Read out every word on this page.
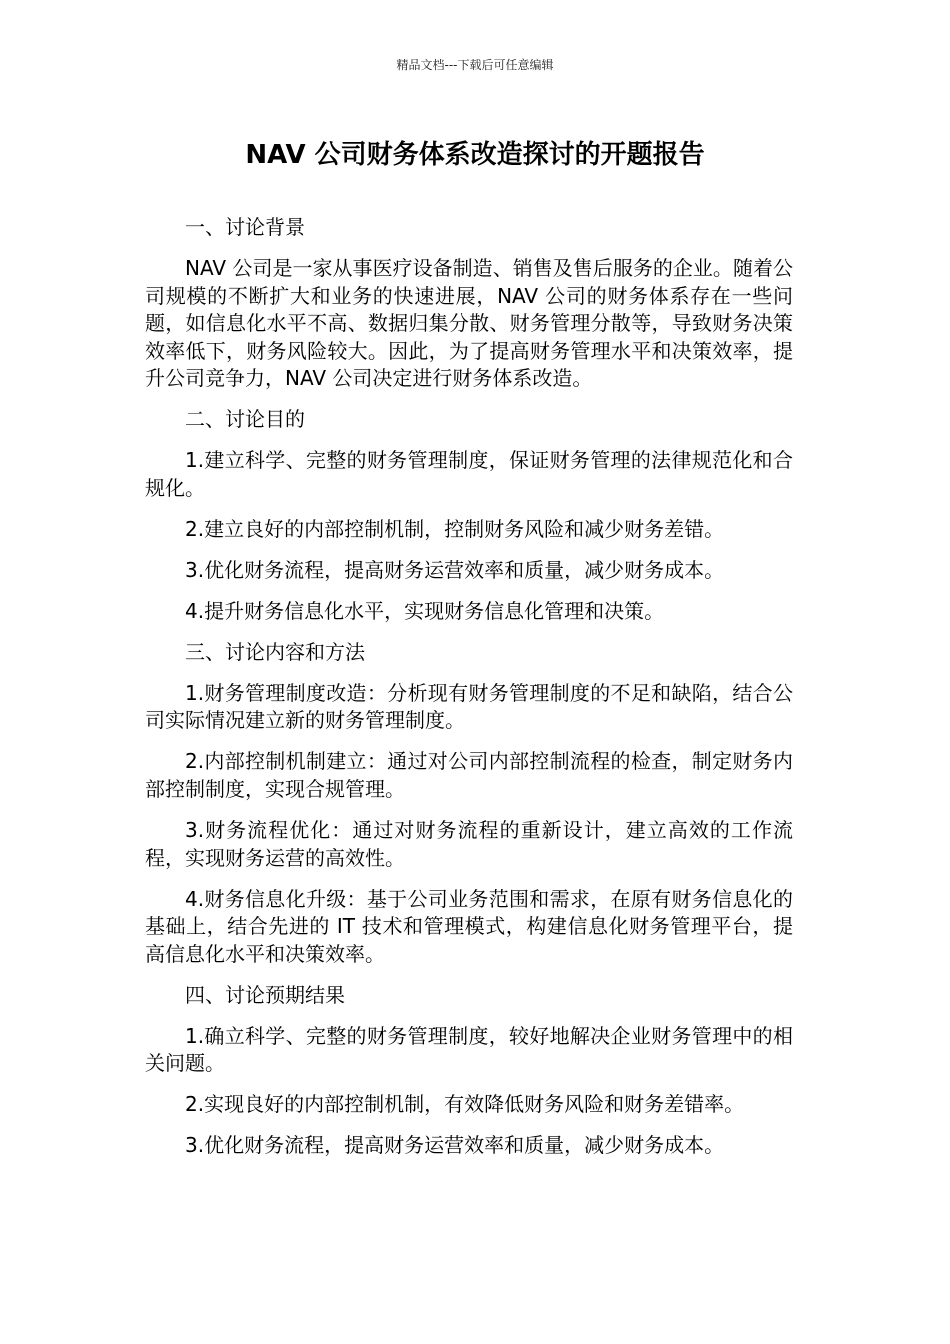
精品文档---下载后可任意编辑
NAV 公司财务体系改造探讨的开题报告

一、讨论背景

NAV 公司是一家从事医疗设备制造、销售及售后服务的企业。随着公司规模的不断扩大和业务的快速进展，NAV 公司的财务体系存在一些问题，如信息化水平不高、数据归集分散、财务管理分散等，导致财务决策效率低下，财务风险较大。因此，为了提高财务管理水平和决策效率，提升公司竞争力，NAV 公司决定进行财务体系改造。

二、讨论目的

1.建立科学、完整的财务管理制度，保证财务管理的法律规范化和合规化。

2.建立良好的内部控制机制，控制财务风险和减少财务差错。

3.优化财务流程，提高财务运营效率和质量，减少财务成本。

4.提升财务信息化水平，实现财务信息化管理和决策。

三、讨论内容和方法

1.财务管理制度改造：分析现有财务管理制度的不足和缺陷，结合公司实际情况建立新的财务管理制度。

2.内部控制机制建立：通过对公司内部控制流程的检查，制定财务内部控制制度，实现合规管理。

3.财务流程优化：通过对财务流程的重新设计，建立高效的工作流程，实现财务运营的高效性。

4.财务信息化升级：基于公司业务范围和需求，在原有财务信息化的基础上，结合先进的 IT 技术和管理模式，构建信息化财务管理平台，提高信息化水平和决策效率。

四、讨论预期结果

1.确立科学、完整的财务管理制度，较好地解决企业财务管理中的相关问题。

2.实现良好的内部控制机制，有效降低财务风险和财务差错率。

3.优化财务流程，提高财务运营效率和质量，减少财务成本。
